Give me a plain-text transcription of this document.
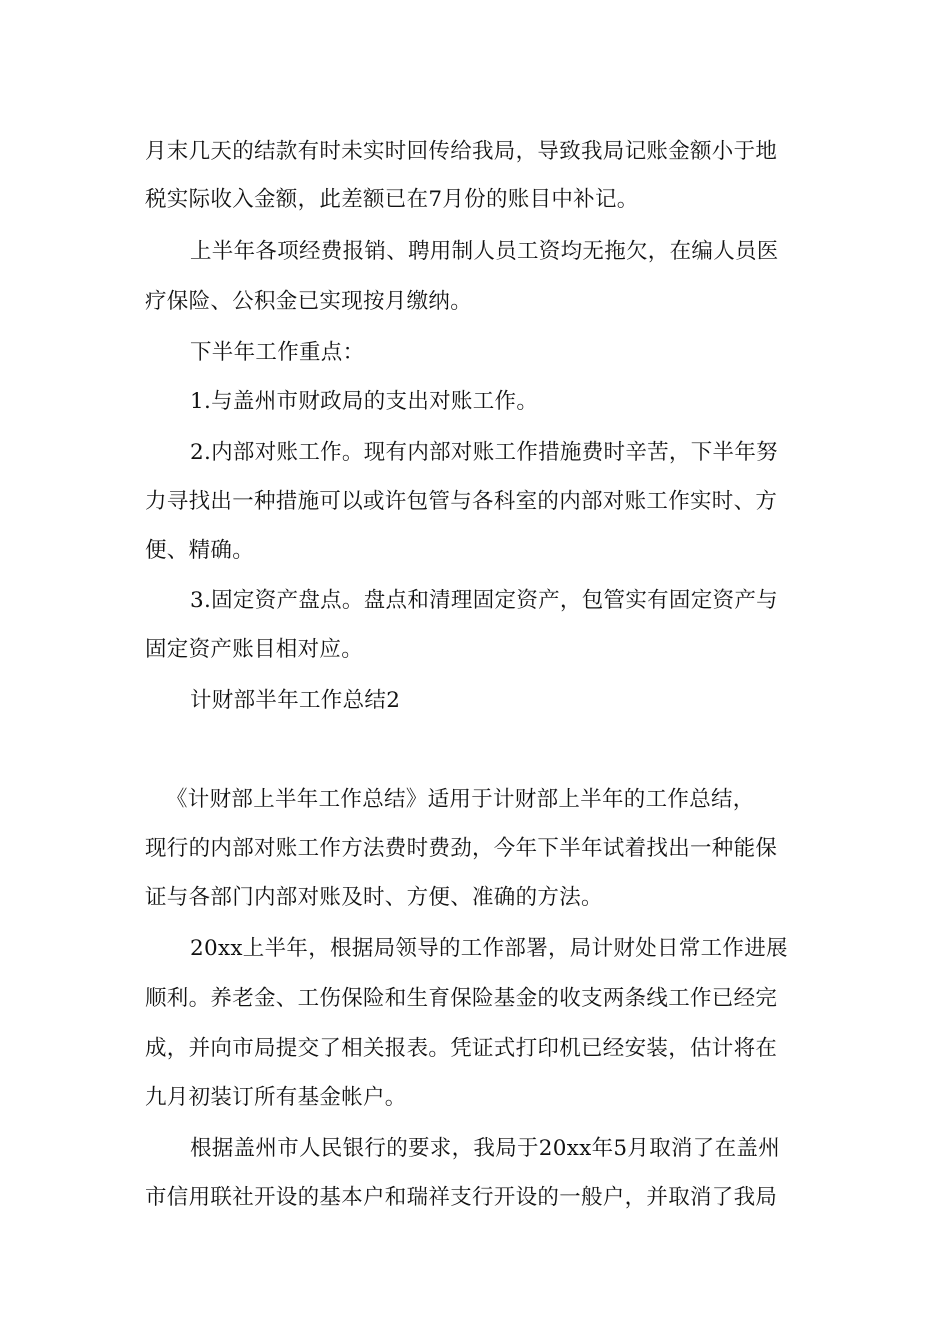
月末几天的结款有时未实时回传给我局，导致我局记账金额小于地
税实际收入金额，此差额已在7月份的账目中补记。
上半年各项经费报销、聘用制人员工资均无拖欠，在编人员医
疗保险、公积金已实现按月缴纳。
下半年工作重点：
1.与盖州市财政局的支出对账工作。
2.内部对账工作。现有内部对账工作措施费时辛苦，下半年努
力寻找出一种措施可以或许包管与各科室的内部对账工作实时、方
便、精确。
3.固定资产盘点。盘点和清理固定资产，包管实有固定资产与
固定资产账目相对应。
计财部半年工作总结2
《计财部上半年工作总结》适用于计财部上半年的工作总结，
现行的内部对账工作方法费时费劲，今年下半年试着找出一种能保
证与各部门内部对账及时、方便、准确的方法。
20xx上半年，根据局领导的工作部署，局计财处日常工作进展
顺利。养老金、工伤保险和生育保险基金的收支两条线工作已经完
成，并向市局提交了相关报表。凭证式打印机已经安装，估计将在
九月初装订所有基金帐户。
根据盖州市人民银行的要求，我局于20xx年5月取消了在盖州
市信用联社开设的基本户和瑞祥支行开设的一般户，并取消了我局
